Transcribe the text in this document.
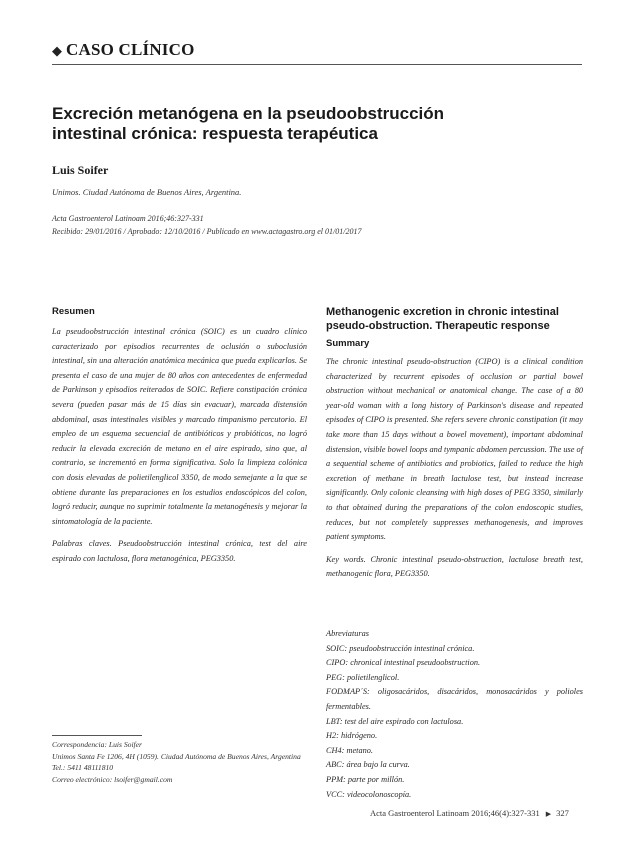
◆ CASO CLÍNICO
Excreción metanógena en la pseudoobstrucción
intestinal crónica: respuesta terapéutica
Luis Soifer
Unimos. Ciudad Autónoma de Buenos Aires, Argentina.
Acta Gastroenterol Latinoam 2016;46:327-331
Recibido: 29/01/2016 / Aprobado: 12/10/2016 / Publicado en www.actagastro.org el 01/01/2017
Resumen

La pseudoobstrucción intestinal crónica (SOIC) es un cuadro clínico caracterizado por episodios recurrentes de oclusión o suboclusión intestinal, sin una alteración anatómica mecánica que pueda explicarlos. Se presenta el caso de una mujer de 80 años con antecedentes de enfermedad de Parkinson y episodios reiterados de SOIC. Refiere constipación crónica severa (pueden pasar más de 15 días sin evacuar), marcada distensión abdominal, asas intestinales visibles y marcado timpanismo percutorio. El empleo de un esquema secuencial de antibióticos y probióticos, no logró reducir la elevada excreción de metano en el aire espirado, sino que, al contrario, se incrementó en forma significativa. Solo la limpieza colónica con dosis elevadas de polietilenglicol 3350, de modo semejante a la que se obtiene durante las preparaciones en los estudios endoscópicos del colon, logró reducir, aunque no suprimir totalmente la metanogénesis y mejorar la sintomatología de la paciente.

Palabras claves. Pseudoobstrucción intestinal crónica, test del aire espirado con lactulosa, flora metanogénica, PEG3350.

Methanogenic excretion in chronic intestinal pseudo-obstruction. Therapeutic response
Summary

The chronic intestinal pseudo-obstruction (CIPO) is a clinical condition characterized by recurrent episodes of occlusion or partial bowel obstruction without mechanical or anatomical change. The case of a 80 year-old woman with a long history of Parkinson's disease and repeated episodes of CIPO is presented. She refers severe chronic constipation (it may take more than 15 days without a bowel movement), important abdominal distension, visible bowel loops and tympanic abdomen percussion. The use of a sequential scheme of antibiotics and probiotics, failed to reduce the high excretion of methane in breath lactulose test, but instead increase significantly. Only colonic cleansing with high doses of PEG 3350, similarly to that obtained during the preparations of the colon endoscopic studies, reduces, but not completely suppresses methanogenesis, and improves patient symptoms.

Key words. Chronic intestinal pseudo-obstruction, lactulose breath test, methanogenic flora, PEG3350.

Abreviaturas
SOIC: pseudoobstrucción intestinal crónica.
CIPO: chronical intestinal pseudoobstruction.
PEG: polietilenglicol.
FODMAP´S: oligosacáridos, disacáridos, monosacáridos y polioles fermentables.
LBT: test del aire espirado con lactulosa.
H2: hidrógeno.
CH4: metano.
ABC: área bajo la curva.
PPM: parte por millón.
VCC: videocolonoscopía.
Correspondencia: Luis Soifer
Unimos Santa Fe 1206, 4H (1059). Ciudad Autónoma de Buenos Aires, Argentina
Tel.: 5411 48111810
Correo electrónico: lsoifer@gmail.com
Acta Gastroenterol Latinoam 2016;46(4):327-331 ▶ 327
